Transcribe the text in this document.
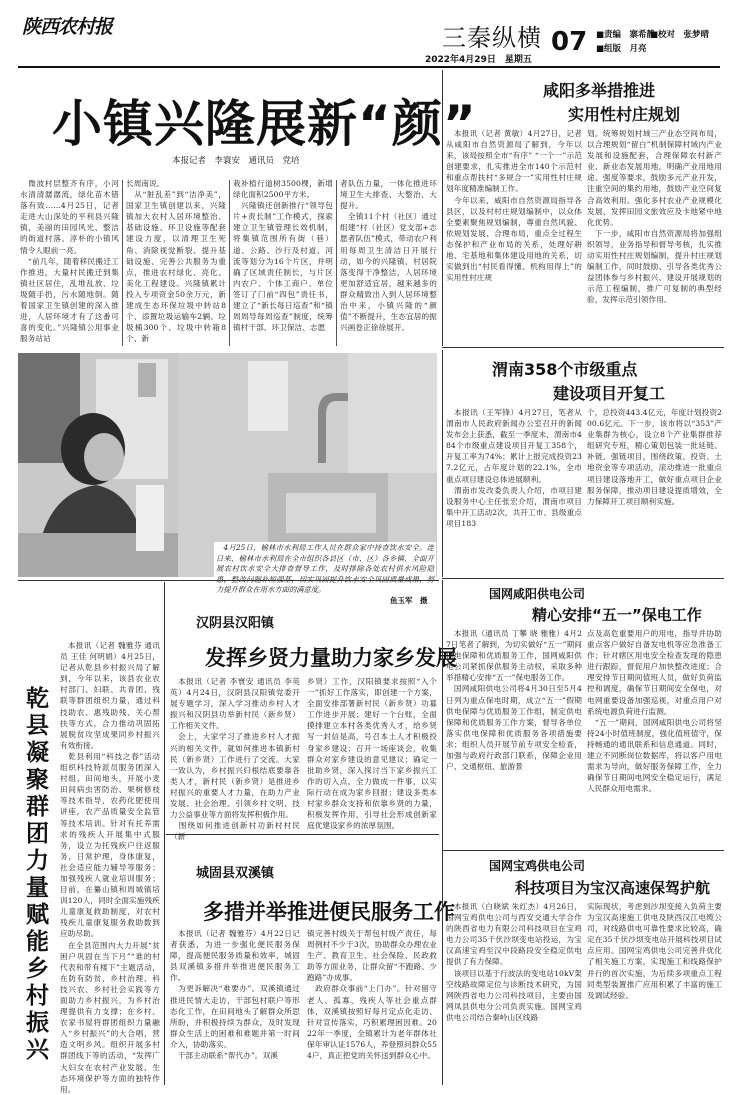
陕西农村报	三秦纵横 07 ■责编　寨希静
■校对　张梦晴
■组版　月亮
2022年4月29日　星期五
小镇兴隆展新“颜”
本报记者　李寰安　通讯员　党培
　微波村层整齐有序，小河水清清潺潺流，绿化苗木错落有致……4月25日，记者走进大山深处的平利县兴隆镇，美丽的田园风光、整洁的街道村落、淳朴的小镇风情令人眼前一亮。
　“前几年，随着移民搬迁工作推进，大量村民搬迁到集镇社区居住，乱堆乱放、垃圾随手扔，污水随地倒。随着国家卫生镇创建的深入推进，人居环境才有了这番可喜的变化。”兴隆镇公用事业服务站站
长周南说。
　从“脏乱差”到“洁净美”，国家卫生镇创建以来，兴隆镇加大农村人居环境整治、基础设施、环卫设施等配套建设力度，以清理卫生死角、消除视觉断裂、提升基础设施、完善公共服务为重点，推进农村绿化、亮化、美化工程建设。兴隆镇累计投入专项资金50余万元，新建成生态环保垃圾中转站8个、添置垃圾运输车2辆、垃圾桶300个、垃圾中转箱8个、新
栽补植行道树3500棵，新增绿化面积2500平方米。
　兴隆镇还创新推行“领导包片+责长制”工作模式，探索建立卫生镇管理长效机制，将集镇范围所有街（巷）道、公路、沙行及村道、河流等划分为16个片区，并明确了区域责任制长，与片区内农户、个体工商户、单位签订了门前“四包”责任书，建立了“新长每日巡查”和“镇周周导每周巡查”制度，统筹镇村干部、环卫保洁、志愿
者队伍力量，一体化推进环境卫生大排查、大整治、大提升。
　全镇11个村（社区）通过组建“村（社区）党支部+志愿者队伍”模式，带动农户利用每周卫生清洁日开展行动，如今的兴隆镇，村居院落变得干净整洁，人居环境更加舒适宜居，越来越多的群众精致出入到人居环境整治中来，小镇兴隆的“颜值”不断提升，生态宜居的振兴画卷正徐徐展开。
咸阳多举措推进
实用性村庄规划
　本报讯（记者 黄敏）4月27日，记者从咸阳市自然资源局了解到，今年以来，该局按照全市“有序” “一个一”示范创建要求，扎实推进全市140个示范村和重点帮扶村“多规合一”实用性村庄规划年度精准编制工作。
　今年以来，咸阳市自然资源局指导各县区，以及村村庄规划编制中，以众体全要素聚焦规划编制，尊重自然风貌、依规划发展、合理布局，重点全过程生态保护和产业布局的关系，处理好耕地、宅基地和集体建设用地的关系，切实做到出“村民看得懂、机构用得上”的实用性村庄规
划。统筹规划村域三产业态空间布局，以合理规划“留白”机制保障村域内产业发展和设施配套，合理保障农村新产业、新业态发展用地，明确产业用地用途、强度等要求，鼓励多元产业开发，注重空间的集约用地，鼓励产业空间复合高效利用。强化多村农业产业规模化发展，发挥田园文旅效应及卡地紧中地化优势。
　下一步，咸阳市自然资源局将加强组织领导，业务指导和督导考核，扎实推动实用性村庄规划编制，提升村庄规划编制工作，同时鼓励、引导各类优秀公益团体参与乡村振兴、建设开展规划的示范工程编制，推广可复制的典型经验，发挥示范引领作用。
　4月25日，榆林市水利局工作人员在群众家中持查饮水安全。连日来，榆林市水利局在全市组织各县区（市、区）各乡镇、全面开展农村饮水安全大排查督导工作，及时排除各处农村供水风险隐患，整改问题补短强基，切实巩固提升饮水安全巩固质量成果，努力提升群众在用水方面的满意度。
鱼玉军　摄
渭南358个市级重点
建设项目开复工
　本报讯（王军锋）4月27日，笔者从渭南市人民政府新闻办公室召开的新闻发布会上获悉，截至一季度末，渭南市484个市级重点建设项目开复工358个，开复工率为74%；累计上报完成投资237.2亿元，占年度计划的22.1%，全市重点项目建设总体进展顺利。
　渭南市发改委负责人介绍，市项目建设服务中心主任张宏介绍，渭南市项目集中开工活动2次，共开工市、县级重点项目183
个，总投资443.4亿元，年度计划投资200.6亿元。下一步，该市将以“353”产业集群为核心，设立8个产业集群推荐组研究专班，精心策划包装一批延链、补链、强链项目，围绕政策、投资、土地资金等专项活动，滚动推进一批重点项目建设落地开工，做好重点项目企业服务保障，推动项目建设提质增效，全力保障开工项目顺利实施。
国网咸阳供电公司
精心安排“五一”保电工作
　本报讯（通讯员 丁攀 晓 雅雅）4月27日笔者了解到，为切实做好“五一”期间供电保障和优质服务工作，国网咸阳供电公司紧抓保供服务主动权，采取多种举措精心安排“五一”保电服务工作。
　国网咸阳供电公司将4月30日至5月4日列为重点保电时期，成立“五一”假期供电保障与优质服务工作组，制定供电保障和优质服务工作方案，督导各单位落实供电保障和优质服务各项措施要求；组织人员开展节前专项安全检查，加强与政府行政部门联系，保障企业用户、交通枢纽、旅游景
点及高危重要用户的用电，指导并协助重点客户做好自备发电机等应急准备工作；针对辖区用电安全检查发现的隐患进行跟踪，督促用户加快整改进度；合理安排节日期间值班人员，做好负荷监控和调度，确保节日期间安全保电，对电网重要设备加强巡视，对重点用户对系统电源负荷进行监测。
　“五一”期间，国网咸阳供电公司将坚持24小时值班制度，强化值班值守，保持畅通的通讯联系和信息通道。同时，建立不同断岗位数据库，将以客户用电需求为导向，做好服务保障工作，全力确保节日期间电网安全稳定运行，满足人民群众用电需求。
国网宝鸡供电公司
科技项目为宝汉高速保驾护航
　本报讯（白晓斌 朱红杰）4月26日，国网宝鸡供电公司与西安交通大学合作的陕西省电力有限公司科技项目在宝鸡电力公司35千伏沙坝变电站投运，为宝汉高速宝鸡至汉中段路段安全稳定供电提供了有力保障。
　该项目以基于行波法的变电站10kV架空线路故障定位与诊断技术研究，为国网陕西省电力公司科技项目，主要由国网凤县供电分公司负责实施。国网宝鸡供电公司结合秦岭山区线路
实际现状，考虑到沙坝变接入负荷主要为宝汉高速施工供电及陕西汉江电缆公司，对线路供电可靠性要求比较高，确定在35千伏沙坝变电站开展科技项目试点应用。国网宝鸡供电公司完善并优化了相关施工方案，实现施工和线路保护并行的首次实施，为后续多项重点工程同类型装置推广应用积累了丰富的施工及调试经验。
乾县凝聚群团力量赋能乡村振兴
　本报讯（记者 魏雅芬 通讯员 王佳 何明娟）4月25日，记者从乾县乡村振兴局了解到，今年以来，该县农业农村部门、妇联、共青团、残联等群团组织力量，通过科技助农、惠残助残、关心帮扶等方式，合力推动巩固拓展脱贫攻坚成果同乡村振兴有效衔接。
　乾县利用“科技之春”活动组织科技特派员服务团深入村组、田间地头，开展小麦田间病虫害防治、果树修枝等技术指导，农药化肥使用讲座，农产品质量安全监管等技术培训。针对有托养需求的残疾人开展集中式服务，设立为托残疾户往返服务，日常护理，身体康复，社会适应能力辅导等服务；加强残疾人就业培训服务；目前，在纂山镇和周城镇培训120人，同时全面实施残疾儿童康复救助制度，对农村残疾儿童康复服务救助数到应助尽助。
　在全县范围内大力开展“贫困户巩固在当下月”“谁的村代表和带有楼下”主题活动，在防有防贫、乡村治理、科技兴农、乡村社会实践等方面助力乡村振兴，为乡村治理提供有力支撑；在乡村、农家书屋将群团组织力量融入“乡村振兴”的大合唱，营造文明乡风。组织开展多村群团线下等的活动，“发挥广大妇女在农村产业发展、生态环境保护等方面的独特作用。
汉阴县汉阳镇
发挥乡贤力量助力家乡发展
　本报讯（记者 李寰安 通讯员 李英英）4月24日，汉阴县汉阳镇党委开展专题学习，深入学习推动乡村人才振兴和汉阴县功举新村民（新乡贤）工作相关文件。
　会上，大家学习了推进乡村人才振兴的相关文件，就如何推进本镇新村民（新乡贤）工作进行了交流。大家一致认为，乡村振兴归根结底要靠各类人才，新村民（新乡贤）是推进乡村振兴的重要人才力量，在助力产业发展、社会治理、引领乡村文明、技力公益事业等方面将发挥积极作用。
　围绕如何推进创新村功新村村民（新
乡贤）工作，汉阳镇要求按照“入个一”抓好工作落实，即创建一个方案，全面安排部署新村民（新乡贤）功募工作进步开展；建好一个台账，全面摸排建立本村各类优秀人才，给乡贤写一封信是高，号召本土人才积极投身家乡建设；召开一场座谈会，收集群众对家乡建设的意见建议；确定一批助乡贤，深入探讨当下家乡振兴工作的切入点，全力做成一件事，以实际行动在成为家乡回报；建设多类本村家乡群众支持和依靠乡贤的力量，积极发挥作用，引导社会形成创新家庭优建设家乡的浓厚氛围。
城固县双溪镇
多措并举推进便民服务工作
　本报讯（记者 魏雅芬）4月22日记者获悉，为进一步强化便民服务保障，提高便民服务质量和效率，城固县双溪镇多措并举推进便民服务工作。
　为更诉解决“难要办”。双溪镇通过推进民情大走访，干部包村联户等形态化工作，在田间地头了解群众所思所盼，并积极持续为群众，及时发现群众生活上的困难和难题并第一时间介入，协助落实。
　干部主动联系“帮代办”。双溪
镇完善村级关于帮包村级产责任，每周例村不少于3次，协助群众办理农业生产、教育卫生、社会保险、民政救助等方面业务，让群众留“不跑路、少跑路”办成事。
　政府群众事前“上门办”。针对留守老人、孤寡、残疾人等社会重点群体，双溪镇按照好每月定点化走访、针对宣传落实，巧积累理困因难。2022年一季度，全镇累计为老年群体社保年审认证1576人，养登照问群众554户，真正把党的关怀送到群众心中。
